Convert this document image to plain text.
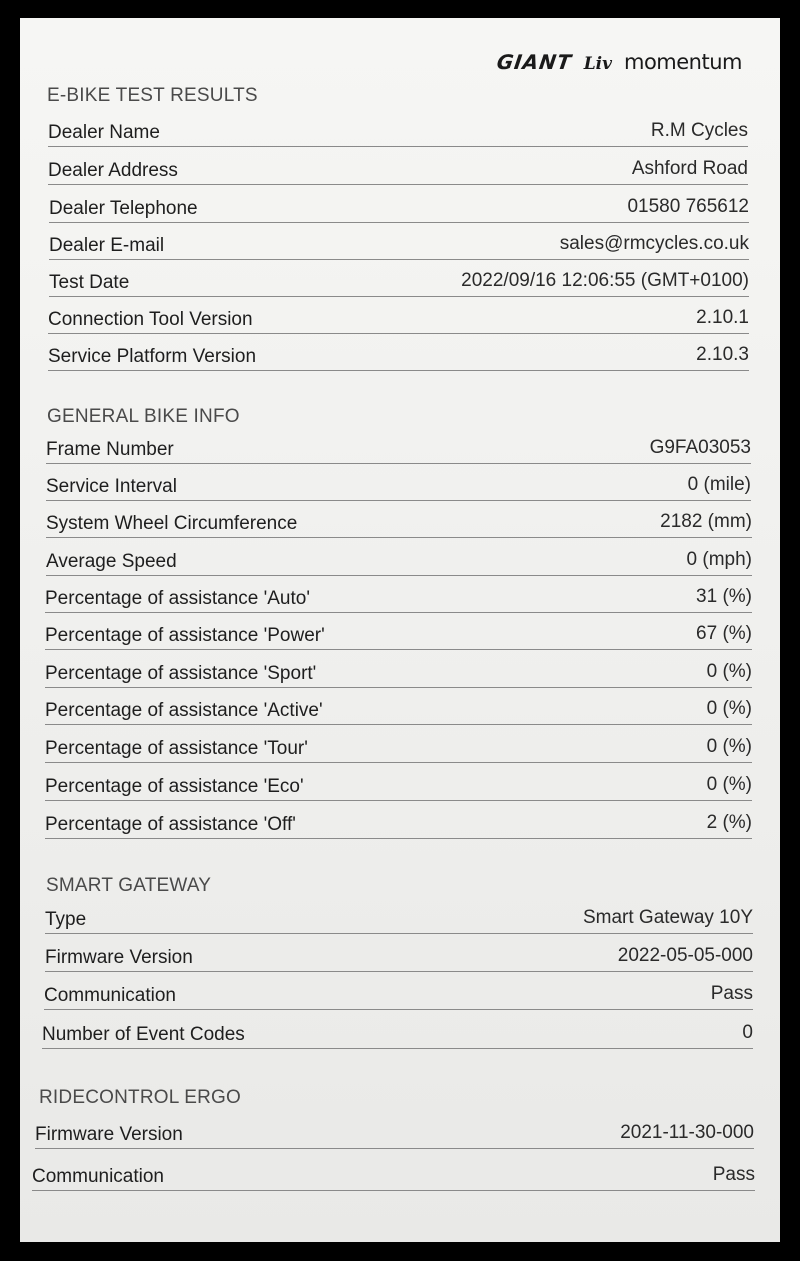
GIANT Liv momentum
E-BIKE TEST RESULTS
Dealer Name	R.M Cycles
Dealer Address	Ashford Road
Dealer Telephone	01580 765612
Dealer E-mail	sales@rmcycles.co.uk
Test Date	2022/09/16 12:06:55 (GMT+0100)
Connection Tool Version	2.10.1
Service Platform Version	2.10.3
GENERAL BIKE INFO
Frame Number	G9FA03053
Service Interval	0 (mile)
System Wheel Circumference	2182 (mm)
Average Speed	0 (mph)
Percentage of assistance 'Auto'	31 (%)
Percentage of assistance 'Power'	67 (%)
Percentage of assistance 'Sport'	0 (%)
Percentage of assistance 'Active'	0 (%)
Percentage of assistance 'Tour'	0 (%)
Percentage of assistance 'Eco'	0 (%)
Percentage of assistance 'Off'	2 (%)
SMART GATEWAY
Type	Smart Gateway 10Y
Firmware Version	2022-05-05-000
Communication	Pass
Number of Event Codes	0
RIDECONTROL ERGO
Firmware Version	2021-11-30-000
Communication	Pass
